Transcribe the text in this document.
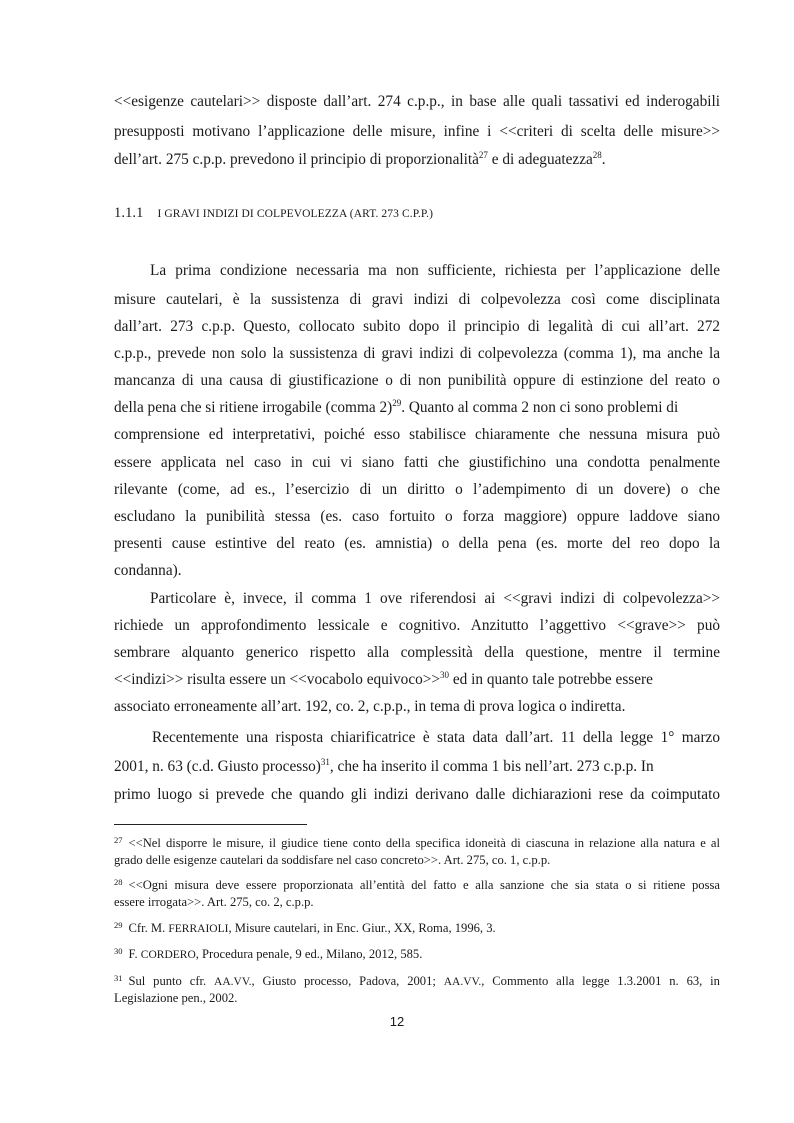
<<esigenze cautelari>> disposte dall’art. 274 c.p.p., in base alle quali tassativi ed inderogabili
presupposti motivano l’applicazione delle misure, infine i <<criteri di scelta delle misure>>
dell’art. 275 c.p.p. prevedono il principio di proporzionalità$^{27}$ e di adeguatezza$^{28}$.
1.1.1 I GRAVI INDIZI DI COLPEVOLEZZA (ART. 273 C.P.P.)
La prima condizione necessaria ma non sufficiente, richiesta per l’applicazione delle
misure cautelari, è la sussistenza di gravi indizi di colpevolezza così come disciplinata
dall’art. 273 c.p.p. Questo, collocato subito dopo il principio di legalità di cui all’art. 272
c.p.p., prevede non solo la sussistenza di gravi indizi di colpevolezza (comma 1), ma anche la
mancanza di una causa di giustificazione o di non punibilità oppure di estinzione del reato o
della pena che si ritiene irrogabile (comma 2)$^{29}$. Quanto al comma 2 non ci sono problemi di
comprensione ed interpretativi, poiché esso stabilisce chiaramente che nessuna misura può
essere applicata nel caso in cui vi siano fatti che giustifichino una condotta penalmente
rilevante (come, ad es., l’esercizio di un diritto o l’adempimento di un dovere) o che
escludano la punibilità stessa (es. caso fortuito o forza maggiore) oppure laddove siano
presenti cause estintive del reato (es. amnistia) o della pena (es. morte del reo dopo la
condanna).
Particolare è, invece, il comma 1 ove riferendosi ai <<gravi indizi di colpevolezza>>
richiede un approfondimento lessicale e cognitivo. Anzitutto l’aggettivo <<grave>> può
sembrare alquanto generico rispetto alla complessità della questione, mentre il termine
<<indizi>> risulta essere un <<vocabolo equivoco>>$^{30}$ ed in quanto tale potrebbe essere
associato erroneamente all’art. 192, co. 2, c.p.p., in tema di prova logica o indiretta.
Recentemente una risposta chiarificatrice è stata data dall’art. 11 della legge 1° marzo
2001, n. 63 (c.d. Giusto processo)$^{31}$, che ha inserito il comma 1 bis nell’art. 273 c.p.p. In
primo luogo si prevede che quando gli indizi derivano dalle dichiarazioni rese da coimputato
$^{27}$ <<Nel disporre le misure, il giudice tiene conto della specifica idoneità di ciascuna in relazione alla natura e al
grado delle esigenze cautelari da soddisfare nel caso concreto>>. Art. 275, co. 1, c.p.p.
$^{28}$ <<Ogni misura deve essere proporzionata all’entità del fatto e alla sanzione che sia stata o si ritiene possa
essere irrogata>>. Art. 275, co. 2, c.p.p.
$^{29}$ Cfr. M. FERRAIOLI, Misure cautelari, in Enc. Giur., XX, Roma, 1996, 3.
$^{30}$ F. CORDERO, Procedura penale, 9 ed., Milano, 2012, 585.
$^{31}$ Sul punto cfr. AA.VV., Giusto processo, Padova, 2001; AA.VV., Commento alla legge 1.3.2001 n. 63, in
Legislazione pen., 2002.
12
